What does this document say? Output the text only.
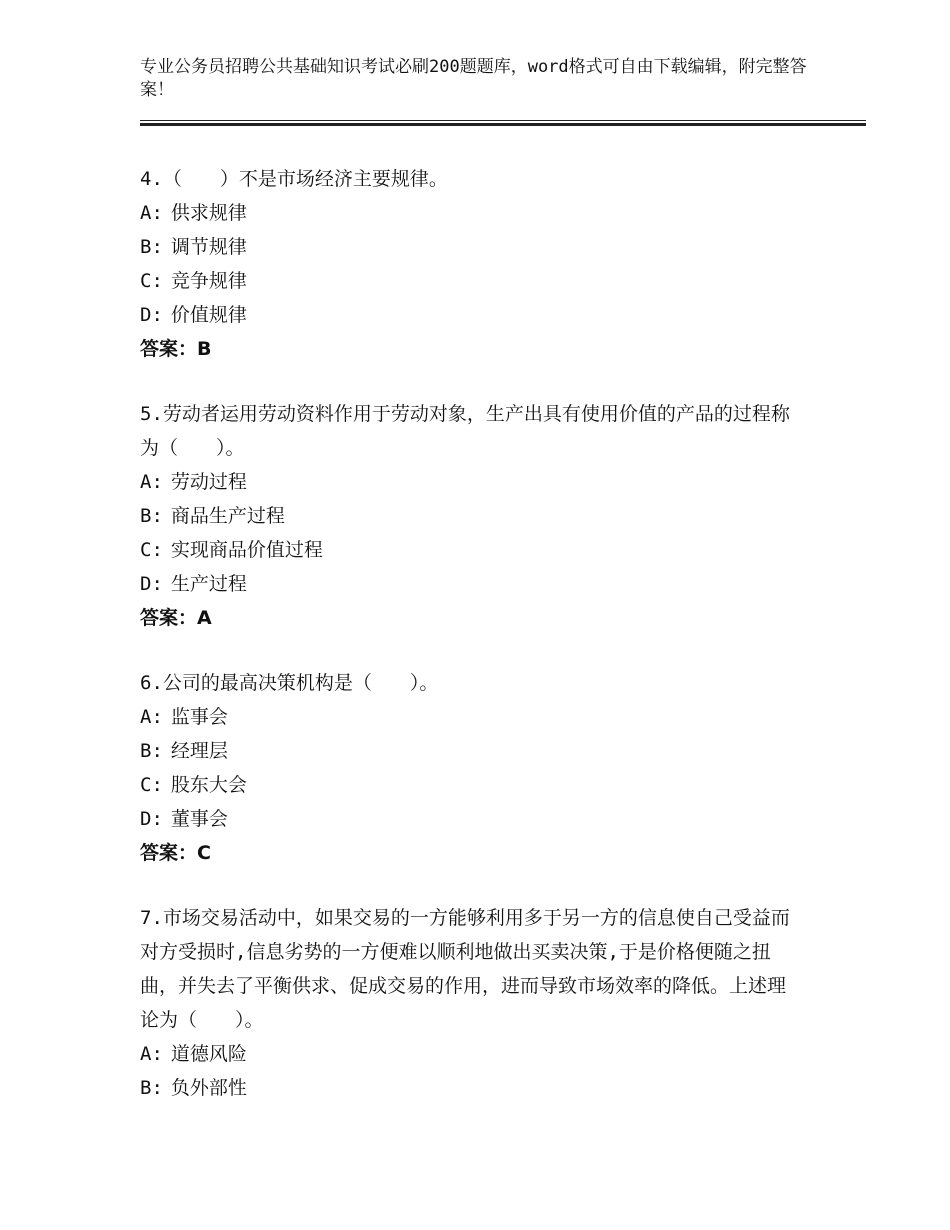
专业公务员招聘公共基础知识考试必刷200题题库，word格式可自由下载编辑，附完整答案！

4.（　　）不是市场经济主要规律。

A: 供求规律
B: 调节规律
C: 竞争规律
D: 价值规律
答案：B

5.劳动者运用劳动资料作用于劳动对象，生产出具有使用价值的产品的过程称为（　　）。

A: 劳动过程
B: 商品生产过程
C: 实现商品价值过程
D: 生产过程
答案：A

6.公司的最高决策机构是（　　）。

A: 监事会
B: 经理层
C: 股东大会
D: 董事会
答案：C

7.市场交易活动中，如果交易的一方能够利用多于另一方的信息使自己受益而对方受损时,信息劣势的一方便难以顺利地做出买卖决策,于是价格便随之扭曲，并失去了平衡供求、促成交易的作用，进而导致市场效率的降低。上述理论为（　　）。

A: 道德风险
B: 负外部性
